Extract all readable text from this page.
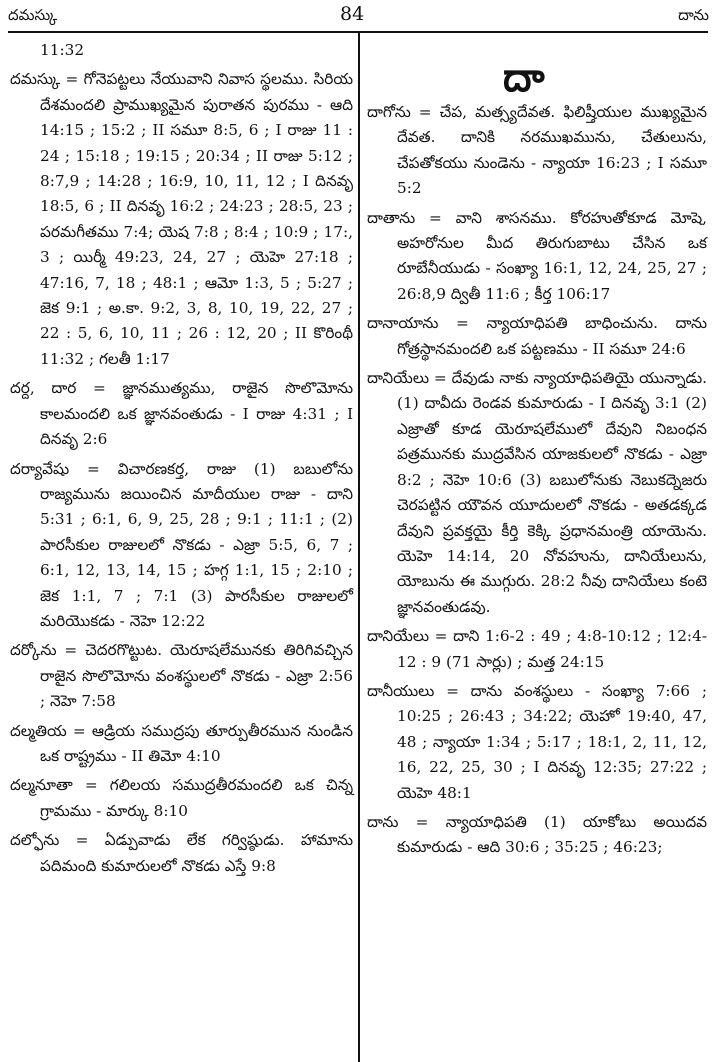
దమస్కు	84	దాను

11:32

దమస్కు = గోనెపట్టలు నేయువాని నివాస స్థలము. సిరియ దేశమందలి ప్రాముఖ్యమైన పురాతన పురము - ఆది 14:15 ; 15:2 ; II సమూ 8:5, 6 ; I రాజు 11 : 24 ; 15:18 ; 19:15 ; 20:34 ; II రాజు 5:12 ; 8:7,9 ; 14:28 ; 16:9, 10, 11, 12 ; I దినవృ 18:5, 6 ; II దినవృ 16:2 ; 24:23 ; 28:5, 23 ; పరమగీతము 7:4; యెష 7:8 ; 8:4 ; 10:9 ; 17:, 3 ; యిర్మీ 49:23, 24, 27 ; యెహె 27:18 ; 47:16, 7, 18 ; 48:1 ; ఆమో 1:3, 5 ; 5:27 ; జెక 9:1 ; అ.కా. 9:2, 3, 8, 10, 19, 22, 27 ; 22 : 5, 6, 10, 11 ; 26 : 12, 20 ; II కొరింథీ 11:32 ; గలతీ 1:17

దర్ద, దార = జ్ఞానముత్యము, రాజైన సొలొమోను కాలమందలి ఒక జ్ఞానవంతుడు - I రాజు 4:31 ; I దినవృ 2:6

దర్యావేషు = విచారణకర్త, రాజు (1) బబులోను రాజ్యమును జయించిన మాదీయుల రాజు - దాని 5:31 ; 6:1, 6, 9, 25, 28 ; 9:1 ; 11:1 ; (2) పారసీకుల రాజులలో నొకడు - ఎజ్రా 5:5, 6, 7 ; 6:1, 12, 13, 14, 15 ; హగ్గ 1:1, 15 ; 2:10 ; జెక 1:1, 7 ; 7:1 (3) పారసీకుల రాజులలో మరియొకడు - నెహె 12:22

దర్కోను = చెదరగొట్టుట. యెరూషలేమునకు తిరిగివచ్చిన రాజైన సొలొమోను వంశస్థులలో నొకడు - ఎజ్రా 2:56 ; నెహె 7:58

దల్మతియ = ఆడ్రియ సముద్రపు తూర్పుతీరమున నుండిన ఒక రాష్ట్రము - II తిమో 4:10

దల్మనూతా = గలిలయ సముద్రతీరమందలి ఒక చిన్న గ్రామము - మార్కు 8:10

దల్ఫోను = ఏడ్పువాడు లేక గర్విష్ఠుడు. హామాను పదిమంది కుమారులలో నొకడు ఎస్తే 9:8

దా

దాగోను = చేప, మత్స్యదేవత. ఫిలిష్తీయుల ముఖ్యమైన దేవత. దానికి నరముఖమును, చేతులును, చేపతోకయు నుండెను - న్యాయా 16:23 ; I సమూ 5:2

దాతాను = వాని శాసనము. కోరహుతోకూడ మోషె, అహరోనుల మీద తిరుగుబాటు చేసిన ఒక రూబేనీయుడు - సంఖ్యా 16:1, 12, 24, 25, 27 ; 26:8,9 ద్వితీ 11:6 ; కీర్త 106:17

దానాయాను = న్యాయాధిపతి బాధించును. దాను గోత్రస్థానమందలి ఒక పట్టణము - II సమూ 24:6

దానియేలు = దేవుడు నాకు న్యాయాధిపతియై యున్నాడు. (1) దావీదు రెండవ కుమారుడు - I దినవృ 3:1 (2) ఎజ్రాతో కూడ యెరూషలేములో దేవుని నిబంధన పత్రమునకు ముద్రవేసిన యాజకులలో నొకడు - ఎజ్రా 8:2 ; నెహె 10:6 (3) బబులోనుకు నెబుకద్నెజరు చెరపట్టిన యౌవన యూదులలో నొకడు - అతడక్కడ దేవుని ప్రవక్తయై కీర్తి కెక్కి ప్రధానమంత్రి యాయెను. యెహె 14:14, 20 నోవహును, దానియేలును, యోబును ఈ ముగ్గురు. 28:2 నీవు దానియేలు కంటె జ్ఞానవంతుడవు.

దానియేలు = దాని 1:6-2 : 49 ; 4:8-10:12 ; 12:4-12 : 9 (71 సార్లు) ; మత్త 24:15

దానీయులు = దాను వంశస్థులు - సంఖ్యా 7:66 ; 10:25 ; 26:43 ; 34:22; యెహో 19:40, 47, 48 ; న్యాయా 1:34 ; 5:17 ; 18:1, 2, 11, 12, 16, 22, 25, 30 ; I దినవృ 12:35; 27:22 ; యెహె 48:1

దాను = న్యాయాధిపతి (1) యాకోబు అయిదవ కుమారుడు - ఆది 30:6 ; 35:25 ; 46:23;
